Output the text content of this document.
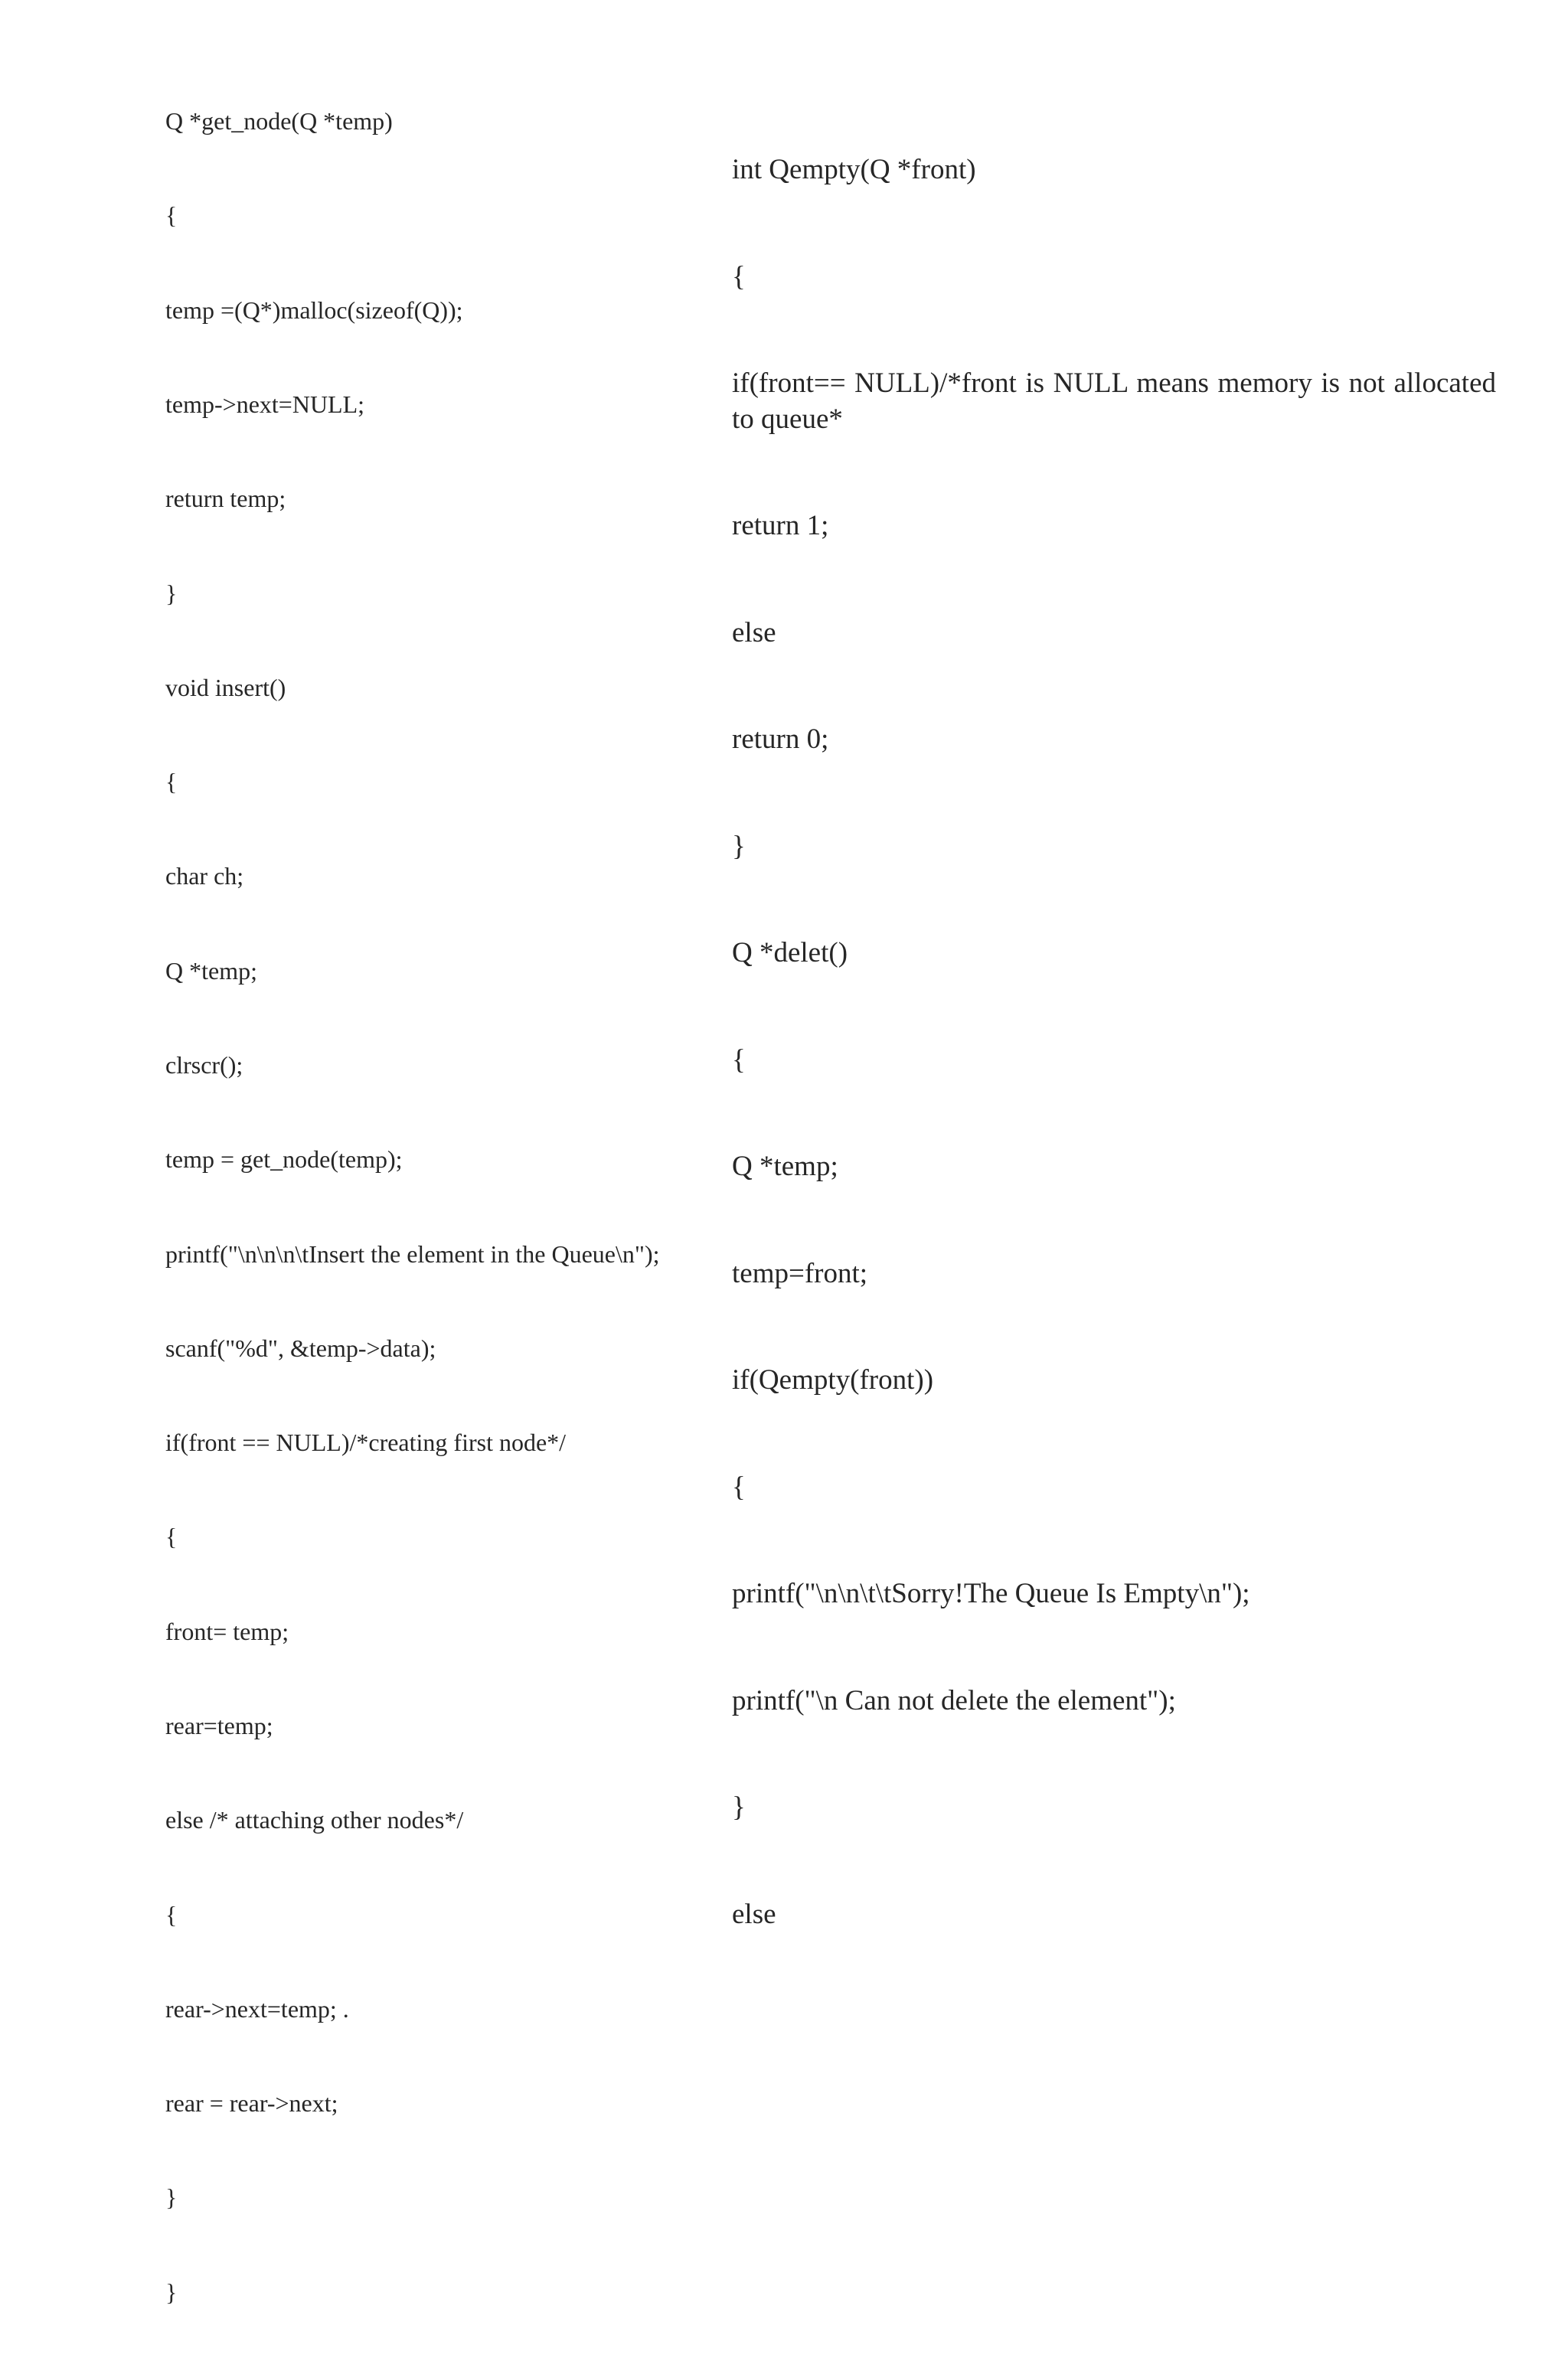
Q *get_node(Q *temp)

{

temp =(Q*)malloc(sizeof(Q));

temp->next=NULL;

return temp;

}

void insert()

{

char ch;

Q *temp;

clrscr();

temp = get_node(temp);

printf("\n\n\n\tInsert the element in the Queue\n");

scanf("%d", &temp->data);

if(front == NULL)/*creating first node*/

{

front= temp;

rear=temp;

else /* attaching other nodes*/

{

rear->next=temp; .

rear = rear->next;

}

}

int Qempty(Q *front)

{

if(front== NULL)/*front is NULL means memory is not allocated to queue*

return 1;

else

return 0;

}

Q *delet()

{

Q *temp;

temp=front;

if(Qempty(front))

{

printf("\n\n\t\tSorry!The Queue Is Empty\n");

printf("\n Can not delete the element");

}

else
